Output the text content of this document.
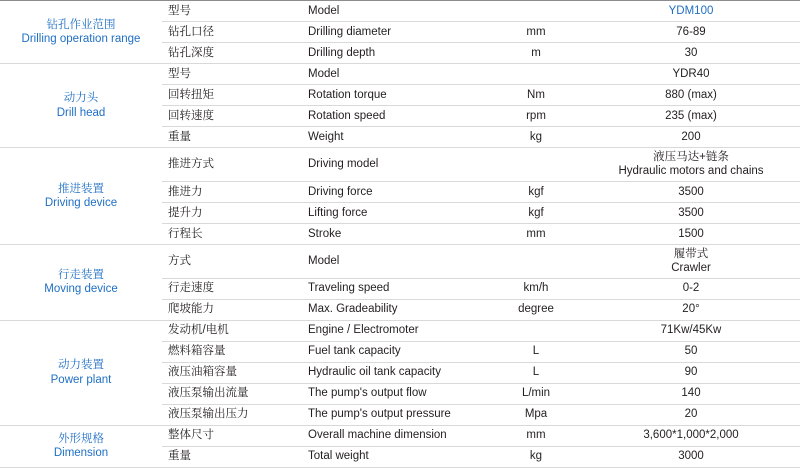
钻孔作业范围
Drilling operation range	型号	Model		YDM100
	钻孔口径	Drilling diameter	mm	76-89
	钻孔深度	Drilling depth	m	30

动力头
Drill head	型号	Model		YDR40
	回转扭矩	Rotation torque	Nm	880 (max)
	回转速度	Rotation speed	rpm	235 (max)
	重量	Weight	kg	200

推进装置
Driving device	推进方式	Driving model		液压马达+链条
Hydraulic motors and chains

	推进力	Driving force	kgf	3500
	提升力	Lifting force	kgf	3500
	行程长	Stroke	mm	1500

行走装置
Moving device	方式	Model		履带式
Crawler

	行走速度	Traveling speed	km/h	0-2
	爬坡能力	Max. Gradeability	degree	20°

动力装置
Power plant	发动机/电机	Engine / Electromoter		71Kw/45Kw
	燃料箱容量	Fuel tank capacity	L	50
	液压油箱容量	Hydraulic oil tank capacity	L	90
	液压泵输出流量	The pump's output flow	L/min	140
	液压泵输出压力	The pump's output pressure	Mpa	20

外形规格
Dimension	整体尺寸	Overall machine dimension	mm	3,600*1,000*2,000
	重量	Total weight	kg	3000
